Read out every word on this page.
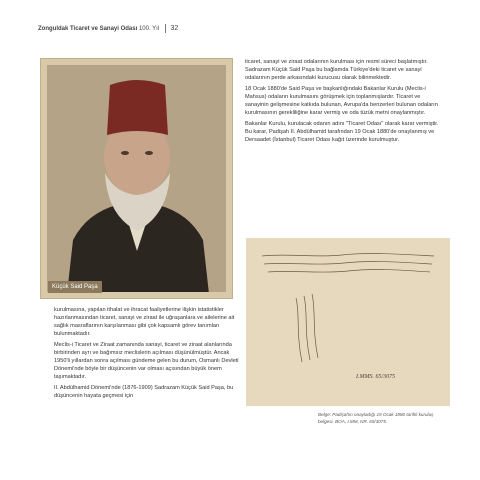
Zonguldak Ticaret ve Sanayi Odası 100. Yıl 32
Küçük Said Paşa

ticaret, sanayi ve ziraat odalarının kurulması için resmi süreci başlatmıştır. Sadrazam Küçük Said Paşa bu bağlamda Türkiye'deki ticaret ve sanayi odalarının perde arkasındaki kurucusu olarak bilinmektedir.

18 Ocak 1880'de Said Paşa ve başkanlığındaki Bakanlar Kurulu (Meclis-i Mahsus) odaların kurulmasını görüşmek için toplanmışlardır. Ticaret ve sanayinin gelişmesine katkıda bulunan, Avrupa'da benzerleri bulunan odaların kurulmasının gerekliliğine karar vermiş ve oda tüzük metni onaylanmıştır.

Bakanlar Kurulu, kurulacak odanın adını "Ticaret Odası" olarak karar vermiştir. Bu karar, Padişah II. Abdülhamid tarafından 19 Ocak 1880'de onaylanmış ve Dersaadet (İstanbul) Ticaret Odası kağıt üzerinde kurulmuştur.

kurulmasına, yapılan ithalat ve ihracat faaliyetlerine ilişkin istatistikler hazırlanmasından ticaret, sanayi ve ziraat ile uğraşanlara ve ailelerine ait sağlık masraflarının karşılanması gibi çok kapsamlı görev tanımları bulunmaktadır.

Meclis-i Ticaret ve Ziraat zamanında sanayi, ticaret ve ziraat alanlarında birbirinden ayrı ve bağımsız meclislerin açılması düşünülmüştür. Ancak 1950'li yıllardan sonra açılması gündeme gelen bu durum, Osmanlı Devleti Dönemi'nde böyle bir düşüncenin var olması açısından büyük önem taşımaktadır.

II. Abdülhamid Dönemi'nde (1876-1909) Sadrazam Küçük Said Paşa, bu düşüncenin hayata geçmesi için

I.MMS. 65/3075
Belge: Padişahın onayladığı 19 Ocak 1880 tarihli kuruluş belgesi. BOA, I.MM, NR. 65/3075.
